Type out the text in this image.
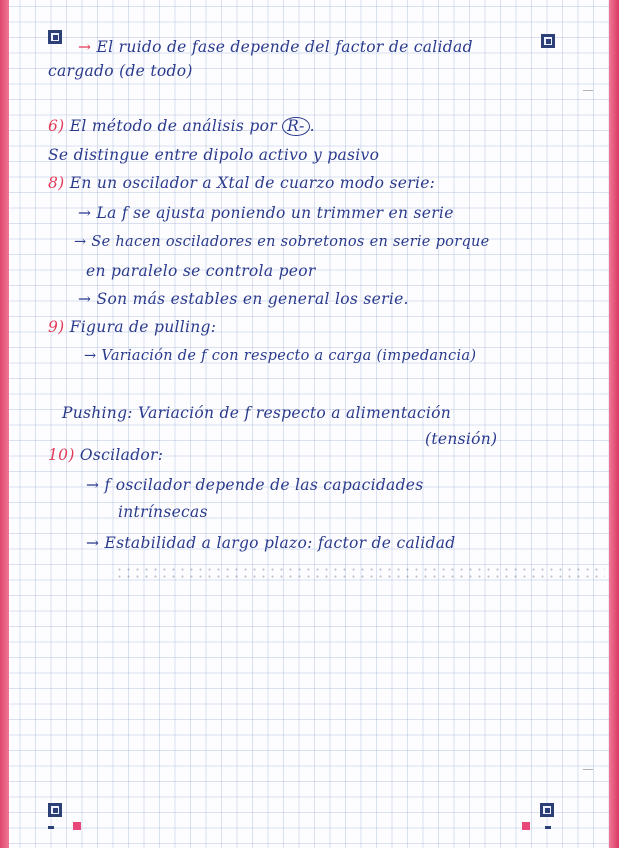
→ El ruido de fase depende del factor de calidad
cargado (de todo)
6) El método de análisis por R- .
Se distingue entre dipolo activo y pasivo
8) En un oscilador a Xtal de cuarzo modo serie:
→ La f se ajusta poniendo un trimmer en serie
→ Se hacen osciladores en sobretonos en serie porque
en paralelo se controla peor
→ Son más estables en general los serie.
9) Figura de pulling:
→ Variación de f con respecto a carga (impedancia)
Pushing: Variación de f respecto a alimentación
(tensión)
10) Oscilador:
→ f oscilador depende de las capacidades
intrínsecas
→ Estabilidad a largo plazo: factor de calidad
